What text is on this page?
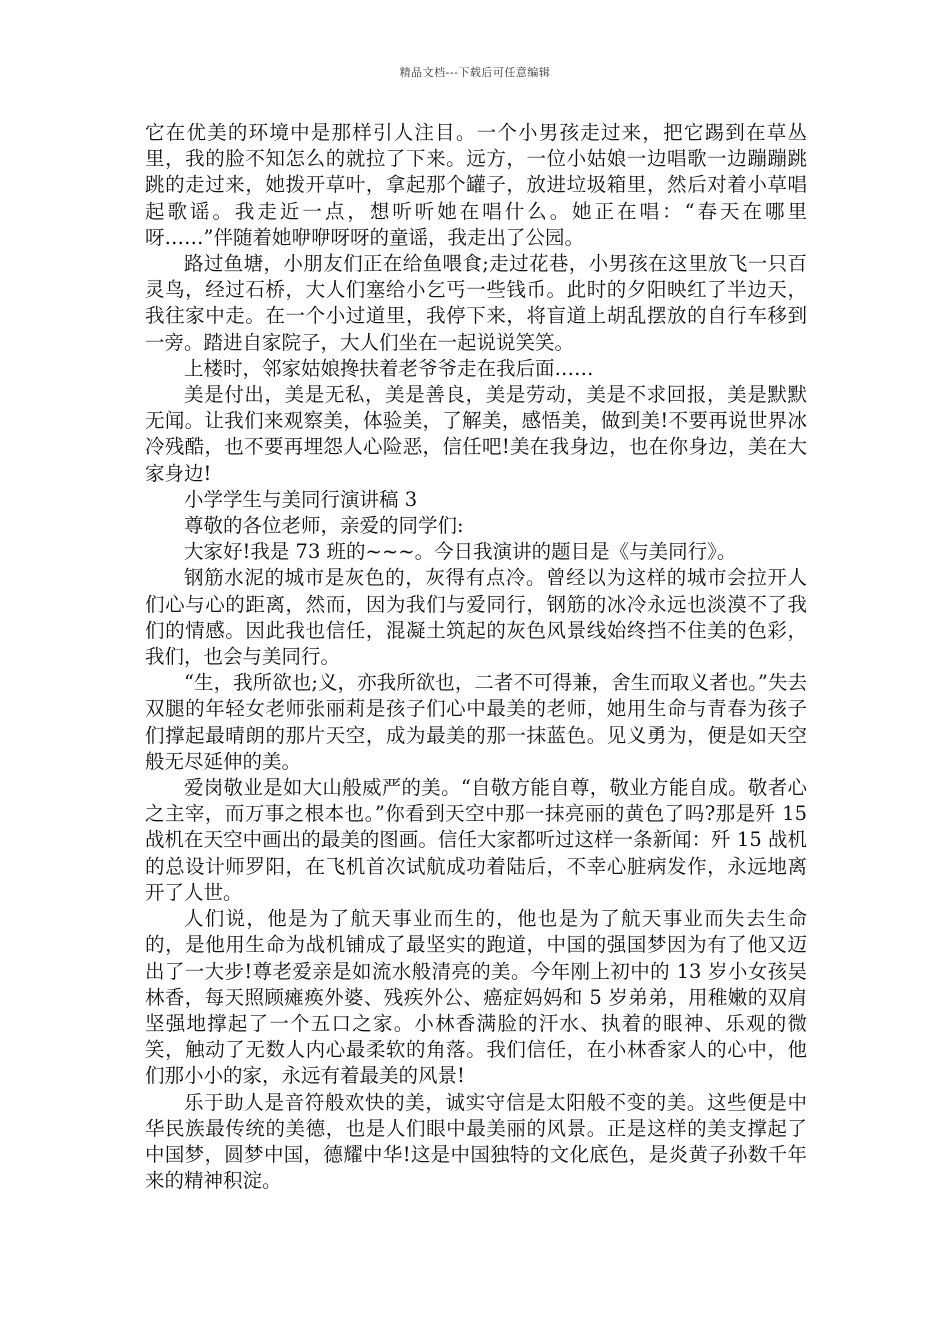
精品文档---下载后可任意编辑

它在优美的环境中是那样引人注目。一个小男孩走过来，把它踢到在草丛里，我的脸不知怎么的就拉了下来。远方，一位小姑娘一边唱歌一边蹦蹦跳跳的走过来，她拨开草叶，拿起那个罐子，放进垃圾箱里，然后对着小草唱起歌谣。我走近一点，想听听她在唱什么。她正在唱：“春天在哪里呀……”伴随着她咿咿呀呀的童谣，我走出了公园。

路过鱼塘，小朋友们正在给鱼喂食;走过花巷，小男孩在这里放飞一只百灵鸟，经过石桥，大人们塞给小乞丐一些钱币。此时的夕阳映红了半边天，我往家中走。在一个小过道里，我停下来，将盲道上胡乱摆放的自行车移到一旁。踏进自家院子，大人们坐在一起说说笑笑。

上楼时，邻家姑娘搀扶着老爷爷走在我后面……

美是付出，美是无私，美是善良，美是劳动，美是不求回报，美是默默无闻。让我们来观察美，体验美，了解美，感悟美，做到美!不要再说世界冰冷残酷，也不要再埋怨人心险恶，信任吧!美在我身边，也在你身边，美在大家身边!

小学学生与美同行演讲稿 3

尊敬的各位老师，亲爱的同学们:

大家好!我是 73 班的~~~。今日我演讲的题目是《与美同行》。

钢筋水泥的城市是灰色的，灰得有点冷。曾经以为这样的城市会拉开人们心与心的距离，然而，因为我们与爱同行，钢筋的冰冷永远也淡漠不了我们的情感。因此我也信任，混凝土筑起的灰色风景线始终挡不住美的色彩，我们，也会与美同行。

“生，我所欲也;义，亦我所欲也，二者不可得兼，舍生而取义者也。”失去双腿的年轻女老师张丽莉是孩子们心中最美的老师，她用生命与青春为孩子们撑起最晴朗的那片天空，成为最美的那一抹蓝色。见义勇为，便是如天空般无尽延伸的美。

爱岗敬业是如大山般威严的美。“自敬方能自尊，敬业方能自成。敬者心之主宰，而万事之根本也。”你看到天空中那一抹亮丽的黄色了吗?那是歼 15 战机在天空中画出的最美的图画。信任大家都听过这样一条新闻：歼 15 战机的总设计师罗阳，在飞机首次试航成功着陆后，不幸心脏病发作，永远地离开了人世。

人们说，他是为了航天事业而生的，他也是为了航天事业而失去生命的，是他用生命为战机铺成了最坚实的跑道，中国的强国梦因为有了他又迈出了一大步!尊老爱亲是如流水般清亮的美。今年刚上初中的 13 岁小女孩吴林香，每天照顾瘫痪外婆、残疾外公、癌症妈妈和 5 岁弟弟，用稚嫩的双肩坚强地撑起了一个五口之家。小林香满脸的汗水、执着的眼神、乐观的微笑，触动了无数人内心最柔软的角落。我们信任，在小林香家人的心中，他们那小小的家，永远有着最美的风景!

乐于助人是音符般欢快的美，诚实守信是太阳般不变的美。这些便是中华民族最传统的美德，也是人们眼中最美丽的风景。正是这样的美支撑起了中国梦，圆梦中国，德耀中华!这是中国独特的文化底色，是炎黄子孙数千年来的精神积淀。
